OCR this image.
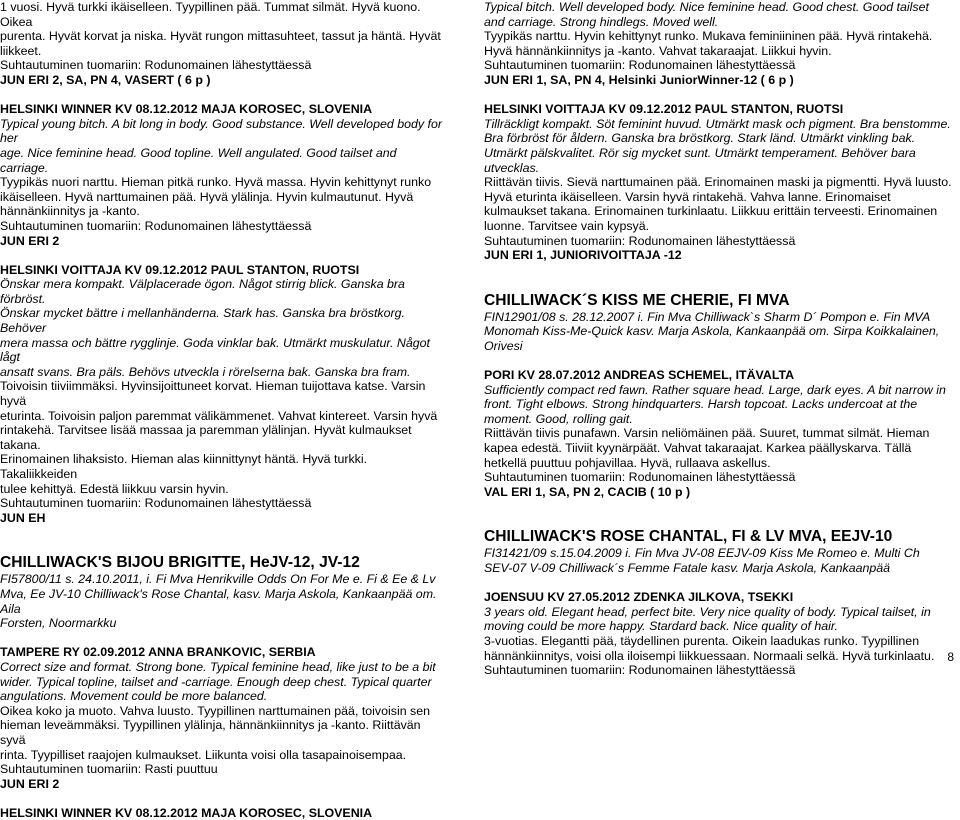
1 vuosi. Hyvä turkki ikäiselleen. Tyypillinen pää. Tummat silmät. Hyvä kuono. Oikea

purenta. Hyvät korvat ja niska. Hyvät rungon mittasuhteet, tassut ja häntä. Hyvät

liikkeet.

Suhtautuminen tuomariin: Rodunomainen lähestyttäessä

JUN ERI 2, SA, PN 4, VASERT ( 6 p )

HELSINKI WINNER KV 08.12.2012 MAJA KOROSEC, SLOVENIA

Typical young bitch. A bit long in body. Good substance. Well developed body for her

age. Nice feminine head. Good topline. Well angulated. Good tailset and carriage.

Tyypikäs nuori narttu. Hieman pitkä runko. Hyvä massa. Hyvin kehittynyt runko

ikäiselleen. Hyvä narttumainen pää. Hyvä ylälinja. Hyvin kulmautunut. Hyvä

hännänkiinnitys ja -kanto.

Suhtautuminen tuomariin: Rodunomainen lähestyttäessä

JUN ERI 2

HELSINKI VOITTAJA KV 09.12.2012 PAUL STANTON, RUOTSI

Önskar mera kompakt. Välplacerade ögon. Något stirrig blick. Ganska bra förbröst.

Önskar mycket bättre i mellanhänderna. Stark has. Ganska bra bröstkorg. Behöver

mera massa och bättre rygglinje. Goda vinklar bak. Utmärkt muskulatur. Något lågt

ansatt svans. Bra päls. Behövs utveckla i rörelserna bak. Ganska bra fram.

Toivoisin tiiviimmäksi. Hyvinsijoittuneet korvat. Hieman tuijottava katse. Varsin hyvä

eturinta. Toivoisin paljon paremmat välikämmenet. Vahvat kintereet. Varsin hyvä

rintakehä. Tarvitsee lisää massaa ja paremman ylälinjan. Hyvät kulmaukset takana.

Erinomainen lihaksisto. Hieman alas kiinnittynyt häntä. Hyvä turkki. Takaliikkeiden

tulee kehittyä. Edestä liikkuu varsin hyvin.

Suhtautuminen tuomariin: Rodunomainen lähestyttäessä

JUN EH

CHILLIWACK'S BIJOU BRIGITTE, HeJV-12, JV-12

FI57800/11 s. 24.10.2011, i. Fi Mva Henrikville Odds On For Me e. Fi & Ee & Lv

Mva, Ee JV-10 Chilliwack's Rose Chantal, kasv. Marja Askola, Kankaanpää om. Aila

Forsten, Noormarkku

TAMPERE RY 02.09.2012 ANNA BRANKOVIC, SERBIA

Correct size and format. Strong bone. Typical feminine head, like just to be a bit

wider. Typical topline, tailset and -carriage. Enough deep chest. Typical quarter

angulations. Movement could be more balanced.

Oikea koko ja muoto. Vahva luusto. Tyypillinen narttumainen pää, toivoisin sen

hieman leveämmäksi. Tyypillinen ylälinja, hännänkiinnitys ja -kanto. Riittävän syvä

rinta. Tyypilliset raajojen kulmaukset. Liikunta voisi olla tasapainoisempaa.

Suhtautuminen tuomariin: Rasti puuttuu

JUN ERI 2

HELSINKI WINNER KV 08.12.2012 MAJA KOROSEC, SLOVENIA

Typical bitch. Well developed body. Nice feminine head. Good chest. Good tailset

and carriage. Strong hindlegs. Moved well.

Tyypikäs narttu. Hyvin kehittynyt runko. Mukava feminiininen pää. Hyvä rintakehä.

Hyvä hännänkiinnitys ja -kanto. Vahvat takaraajat. Liikkui hyvin.

Suhtautuminen tuomariin: Rodunomainen lähestyttäessä

JUN ERI 1, SA, PN 4, Helsinki JuniorWinner-12 ( 6 p )

HELSINKI VOITTAJA KV 09.12.2012 PAUL STANTON, RUOTSI

Tillräckligt kompakt. Söt feminint huvud. Utmärkt mask och pigment. Bra benstomme.

Bra förbröst för åldern. Ganska bra bröstkorg. Stark länd. Utmärkt vinkling bak.

Utmärkt pälskvalitet. Rör sig mycket sunt. Utmärkt temperament. Behöver bara

utvecklas.

Riittävän tiivis. Sievä narttumainen pää. Erinomainen maski ja pigmentti. Hyvä luusto.

Hyvä eturinta ikäiselleen. Varsin hyvä rintakehä. Vahva lanne. Erinomaiset

kulmaukset takana. Erinomainen turkinlaatu. Liikkuu erittäin terveesti. Erinomainen

luonne. Tarvitsee vain kypsyä.

Suhtautuminen tuomariin: Rodunomainen lähestyttäessä

JUN ERI 1, JUNIORIVOITTAJA -12

CHILLIWACK´S KISS ME CHERIE, FI MVA

FIN12901/08 s. 28.12.2007 i. Fin Mva Chilliwack`s Sharm D´ Pompon e. Fin MVA

Monomah Kiss-Me-Quick kasv. Marja Askola, Kankaanpää om. Sirpa Koikkalainen,

Orivesi

PORI KV 28.07.2012 ANDREAS SCHEMEL, ITÄVALTA

Sufficiently compact red fawn. Rather square head. Large, dark eyes. A bit narrow in

front. Tight elbows. Strong hindquarters. Harsh topcoat. Lacks undercoat at the

moment. Good, rolling gait.

Riittävän tiivis punafawn. Varsin neliömäinen pää. Suuret, tummat silmät. Hieman

kapea edestä. Tiiviit kyynärpäät. Vahvat takaraajat. Karkea päällyskarva. Tällä

hetkellä puuttuu pohjavillaa. Hyvä, rullaava askellus.

Suhtautuminen tuomariin: Rodunomainen lähestyttäessä

VAL ERI 1, SA, PN 2, CACIB ( 10 p )

CHILLIWACK'S ROSE CHANTAL, FI & LV MVA, EEJV-10

FI31421/09 s.15.04.2009 i. Fin Mva JV-08 EEJV-09 Kiss Me Romeo e. Multi Ch

SEV-07 V-09 Chilliwack´s Femme Fatale kasv. Marja Askola, Kankaanpää

JOENSUU KV 27.05.2012 ZDENKA JILKOVA, TSEKKI

3 years old. Elegant head, perfect bite. Very nice quality of body. Typical tailset, in

moving could be more happy. Stardard back. Nice quality of hair.

3-vuotias. Elegantti pää, täydellinen purenta. Oikein laadukas runko. Tyypillinen

hännänkiinnitys, voisi olla iloisempi liikkuessaan. Normaali selkä. Hyvä turkinlaatu.

Suhtautuminen tuomariin: Rodunomainen lähestyttäessä

8
